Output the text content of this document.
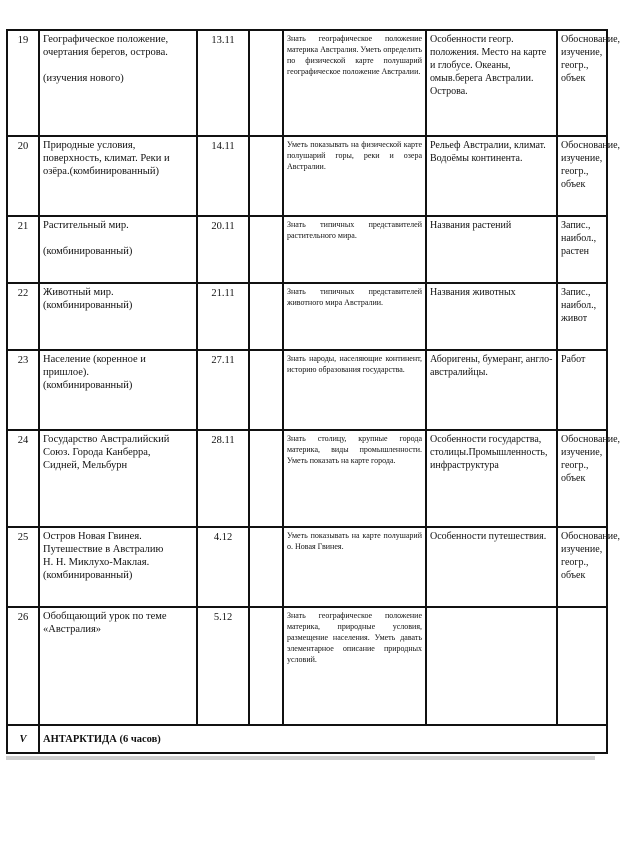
19	Географическое положение,
очертания берегов, острова.

(изучения нового)	13.11		Знать географическое положение материка Австралия. Уметь определить по физической карте полушарий географическое положение Австралии.	Особенности геогр. положения. Место на карте и глобусе. Океаны, омыв.берега Австралии. Острова.	Обоснование, изучение, геогр., объек
20	Природные условия,
поверхность, климат. Реки и
озёра.(комбинированный)	14.11		Уметь показывать на физической карте полушарий горы, реки и озера Австралии.	Рельеф Австралии, климат. Водоёмы континента.	Обоснование, изучение, геогр., объек
21	Растительный мир.

(комбинированный)	20.11		Знать типичных представителей растительного мира.	Названия растений	Запис., наибол., растен
22	Животный мир.
(комбинированный)	21.11		Знать типичных представителей животного мира Австралии.	Названия животных	Запис., наибол., живот
23	Население (коренное и
пришлое).
(комбинированный)	27.11		Знать народы, населяющие континент, историю образования государства.	Аборигены, бумеранг, англо-австралийцы.	Работ
24	Государство Австралийский
Союз. Города Канберра,
Сидней, Мельбурн	28.11		Знать столицу, крупные города материка, виды промышленности. Уметь показать на карте города.	Особенности государства, столицы.Промышленность, инфраструктура	Обоснование, изучение, геогр., объек
25	Остров Новая Гвинея.
Путешествие в Австралию
Н. Н. Миклухо-Маклая.
(комбинированный)	4.12		Уметь показывать на карте полушарий о. Новая Гвинея.	Особенности путешествия.	Обоснование, изучение, геогр., объек
26	Обобщающий урок по теме
«Австралия»	5.12		Знать географическое положение материка, природные условия, размещение населения. Уметь давать элементарное описание природных условий.		
V	АНТАРКТИДА (6 часов)					
